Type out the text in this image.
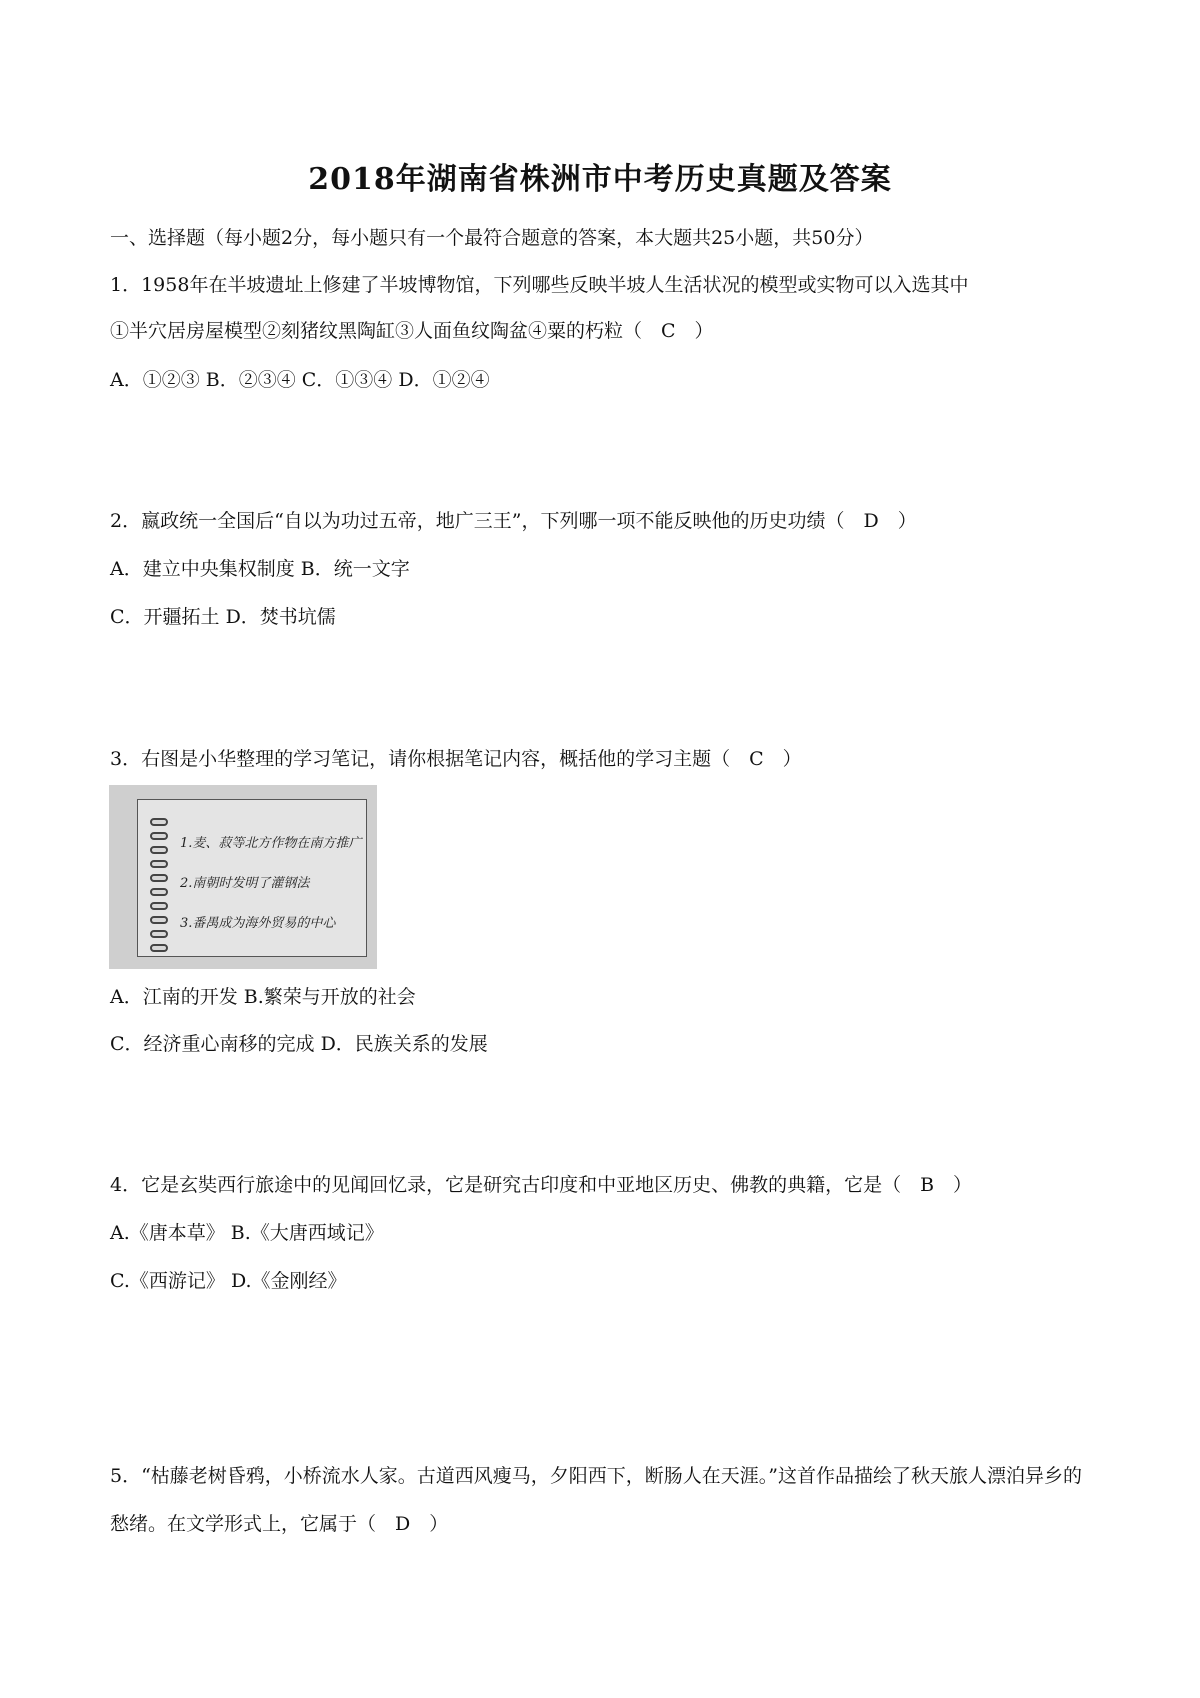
2018年湖南省株洲市中考历史真题及答案
一、选择题（每小题2分，每小题只有一个最符合题意的答案，本大题共25小题，共50分）
1．1958年在半坡遗址上修建了半坡博物馆，下列哪些反映半坡人生活状况的模型或实物可以入选其中
①半穴居房屋模型②刻猪纹黑陶缸③人面鱼纹陶盆④粟的朽粒（　C　）
A．①②③ B．②③④ C．①③④ D．①②④
2．嬴政统一全国后“自以为功过五帝，地广三王”，下列哪一项不能反映他的历史功绩（　D　）
A．建立中央集权制度 B．统一文字
C．开疆拓土 D．焚书坑儒
3．右图是小华整理的学习笔记，请你根据笔记内容，概括他的学习主题（　C　）
1.麦、菽等北方作物在南方推广
2.南朝时发明了灌钢法
3.番禺成为海外贸易的中心
A．江南的开发 B.繁荣与开放的社会
C．经济重心南移的完成 D．民族关系的发展
4．它是玄奘西行旅途中的见闻回忆录，它是研究古印度和中亚地区历史、佛教的典籍，它是（　B　）
A.《唐本草》 B.《大唐西域记》
C.《西游记》 D.《金刚经》
5．“枯藤老树昏鸦，小桥流水人家。古道西风瘦马，夕阳西下，断肠人在天涯。”这首作品描绘了秋天旅人漂泊异乡的愁绪。在文学形式上，它属于（　D　）
